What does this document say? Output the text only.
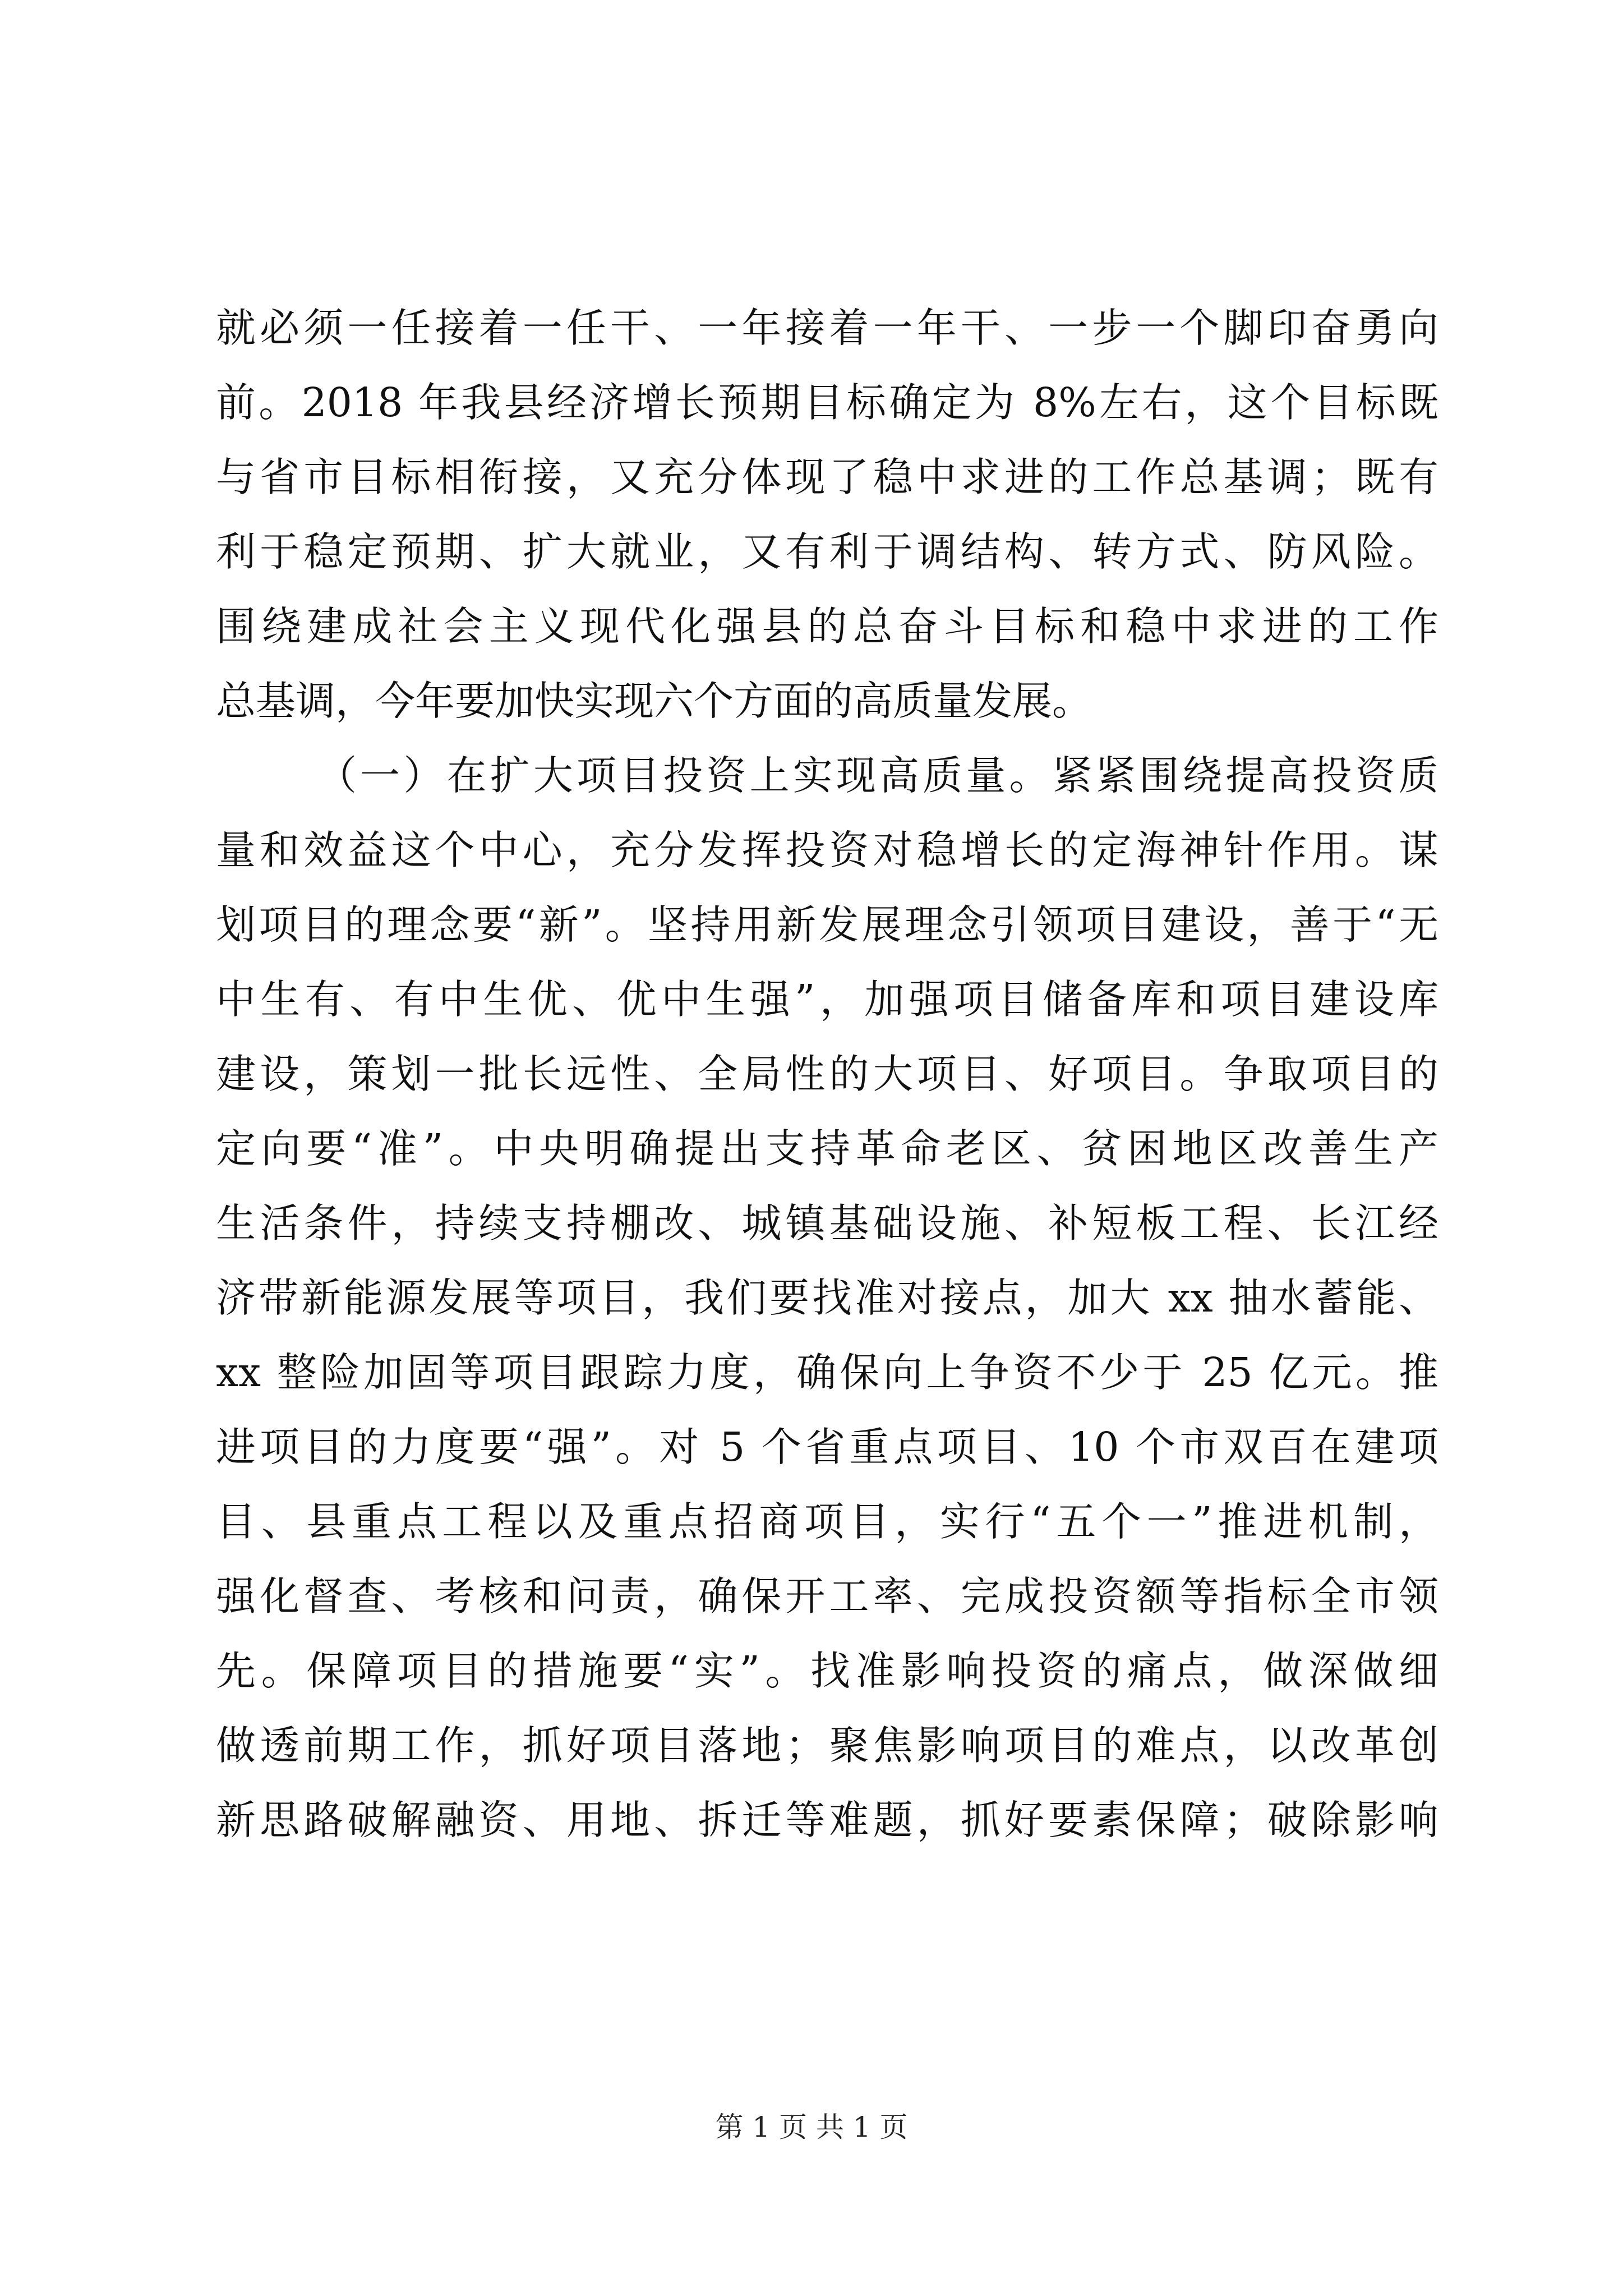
就必须一任接着一任干、一年接着一年干、一步一个脚印奋勇向
前。2018 年我县经济增长预期目标确定为 8%左右，这个目标既
与省市目标相衔接，又充分体现了稳中求进的工作总基调；既有
利于稳定预期、扩大就业，又有利于调结构、转方式、防风险。
围绕建成社会主义现代化强县的总奋斗目标和稳中求进的工作
总基调，今年要加快实现六个方面的高质量发展。
（一）在扩大项目投资上实现高质量。紧紧围绕提高投资质
量和效益这个中心，充分发挥投资对稳增长的定海神针作用。谋
划项目的理念要“新”。坚持用新发展理念引领项目建设，善于“无
中生有、有中生优、优中生强”，加强项目储备库和项目建设库
建设，策划一批长远性、全局性的大项目、好项目。争取项目的
定向要“准”。中央明确提出支持革命老区、贫困地区改善生产
生活条件，持续支持棚改、城镇基础设施、补短板工程、长江经
济带新能源发展等项目，我们要找准对接点，加大 xx 抽水蓄能、
xx 整险加固等项目跟踪力度，确保向上争资不少于 25 亿元。推
进项目的力度要“强”。对 5 个省重点项目、10 个市双百在建项
目、县重点工程以及重点招商项目，实行“五个一”推进机制，
强化督查、考核和问责，确保开工率、完成投资额等指标全市领
先。保障项目的措施要“实”。找准影响投资的痛点，做深做细
做透前期工作，抓好项目落地；聚焦影响项目的难点，以改革创
新思路破解融资、用地、拆迁等难题，抓好要素保障；破除影响
第 1 页 共 1 页
